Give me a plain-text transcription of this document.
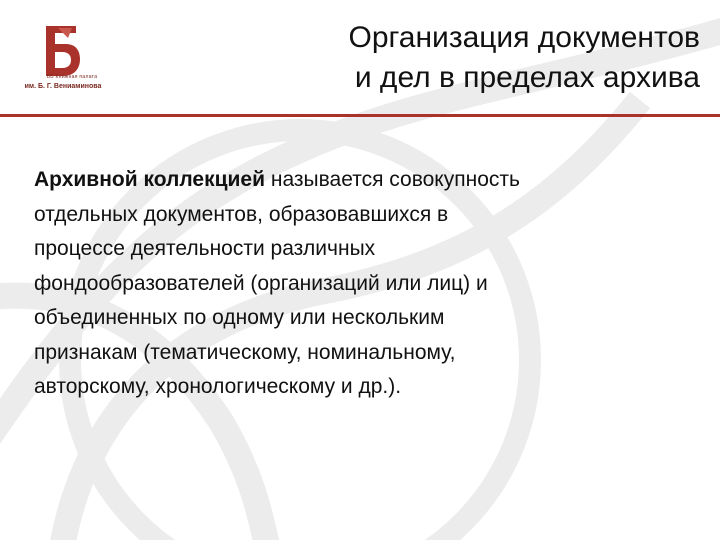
ББ Книжная палата
им. Б. Г. Вениаминова
Организация документов
и дел в пределах архива
Архивной коллекцией называется совокупность
отдельных документов, образовавшихся в
процессе деятельности различных
фондообразователей (организаций или лиц) и
объединенных по одному или нескольким
признакам (тематическому, номинальному,
авторскому, хронологическому и др.).
